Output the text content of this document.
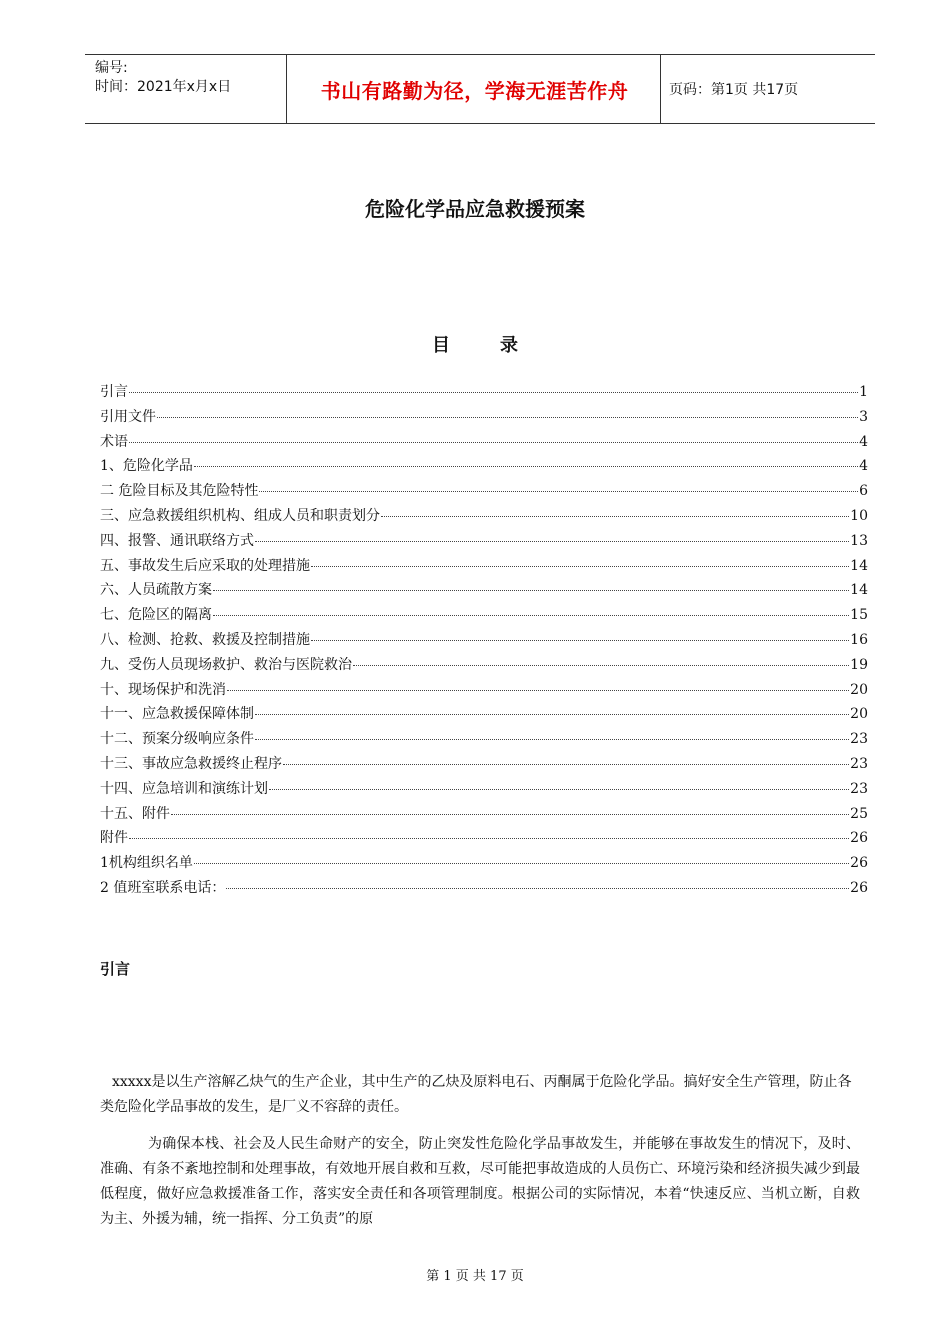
编号:
时间：2021年x月x日	书山有路勤为径，学海无涯苦作舟	页码：第1页 共17页
危险化学品应急救援预案
目录
引言	1
引用文件	3
术语	4
1、危险化学品	4
二 危险目标及其危险特性	6
三、应急救援组织机构、组成人员和职责划分	10
四、报警、通讯联络方式	13
五、事故发生后应采取的处理措施	14
六、人员疏散方案	14
七、危险区的隔离	15
八、检测、抢救、救援及控制措施	16
九、受伤人员现场救护、救治与医院救治	19
十、现场保护和洗消	20
十一、应急救援保障体制	20
十二、预案分级响应条件	23
十三、事故应急救援终止程序	23
十四、应急培训和演练计划	23
十五、附件	25
附件	26
1机构组织名单	26
2 值班室联系电话：	26
引言

xxxxx是以生产溶解乙炔气的生产企业，其中生产的乙炔及原料电石、丙酮属于危险化学品。搞好安全生产管理，防止各类危险化学品事故的发生，是厂义不容辞的责任。

为确保本栈、社会及人民生命财产的安全，防止突发性危险化学品事故发生，并能够在事故发生的情况下，及时、准确、有条不紊地控制和处理事故，有效地开展自救和互救，尽可能把事故造成的人员伤亡、环境污染和经济损失减少到最低程度，做好应急救援准备工作，落实安全责任和各项管理制度。根据公司的实际情况，本着“快速反应、当机立断，自救为主、外援为辅，统一指挥、分工负责”的原

第 1 页 共 17 页
